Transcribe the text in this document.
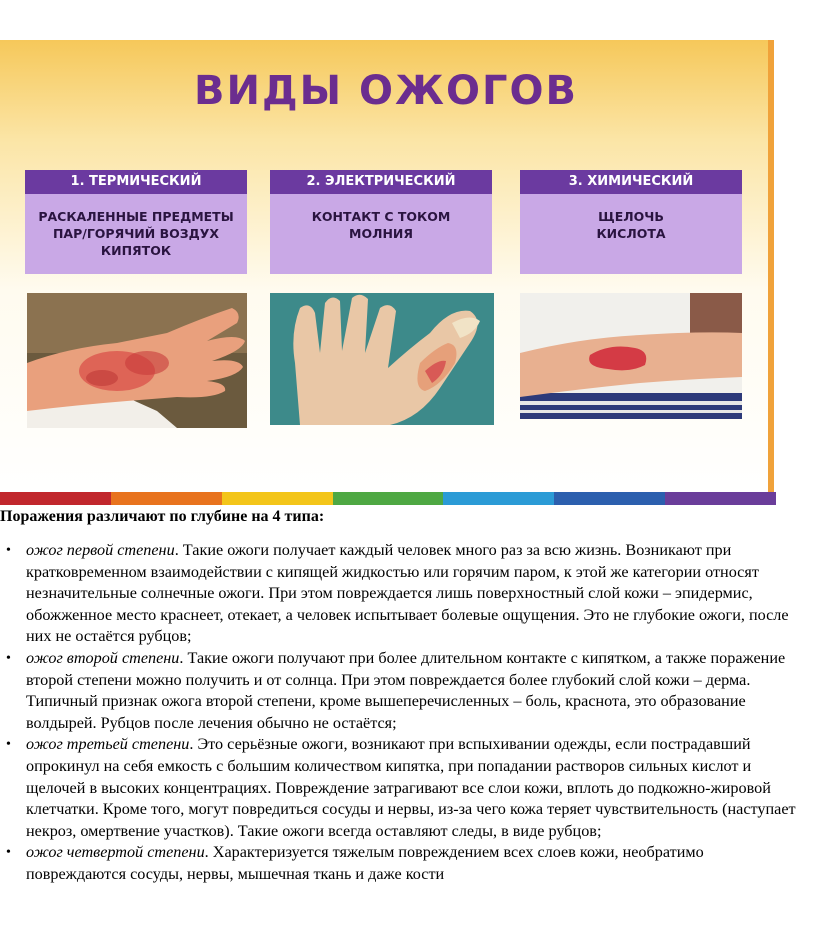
ВИДЫ ОЖОГОВ
1. ТЕРМИЧЕСКИЙ
РАСКАЛЕННЫЕ ПРЕДМЕТЫ
ПАР/ГОРЯЧИЙ ВОЗДУХ
КИПЯТОК
2. ЭЛЕКТРИЧЕСКИЙ
КОНТАКТ С ТОКОМ
МОЛНИЯ
3. ХИМИЧЕСКИЙ
ЩЕЛОЧЬ
КИСЛОТА
Поражения различают по глубине на 4 типа:
• ожог первой степени. Такие ожоги получает каждый человек много раз за всю жизнь. Возникают при кратковременном взаимодействии с кипящей жидкостью или горячим паром, к этой же категории относят незначительные солнечные ожоги. При этом повреждается лишь поверхностный слой кожи – эпидермис, обожженное место краснеет, отекает, а человек испытывает болевые ощущения. Это не глубокие ожоги, после них не остаётся рубцов;
• ожог второй степени. Такие ожоги получают при более длительном контакте с кипятком, а также поражение второй степени можно получить и от солнца. При этом повреждается более глубокий слой кожи – дерма. Типичный признак ожога второй степени, кроме вышеперечисленных – боль, краснота, это образование волдырей. Рубцов после лечения обычно не остаётся;
• ожог третьей степени. Это серьёзные ожоги, возникают при вспыхивании одежды, если пострадавший опрокинул на себя емкость с большим количеством кипятка, при попадании растворов сильных кислот и щелочей в высоких концентрациях. Повреждение затрагивают все слои кожи, вплоть до подкожно-жировой клетчатки. Кроме того, могут повредиться сосуды и нервы, из-за чего кожа теряет чувствительность (наступает некроз, омертвение участков). Такие ожоги всегда оставляют следы, в виде рубцов;
• ожог четвертой степени. Характеризуется тяжелым повреждением всех слоев кожи, необратимо повреждаются сосуды, нервы, мышечная ткань и даже кости
